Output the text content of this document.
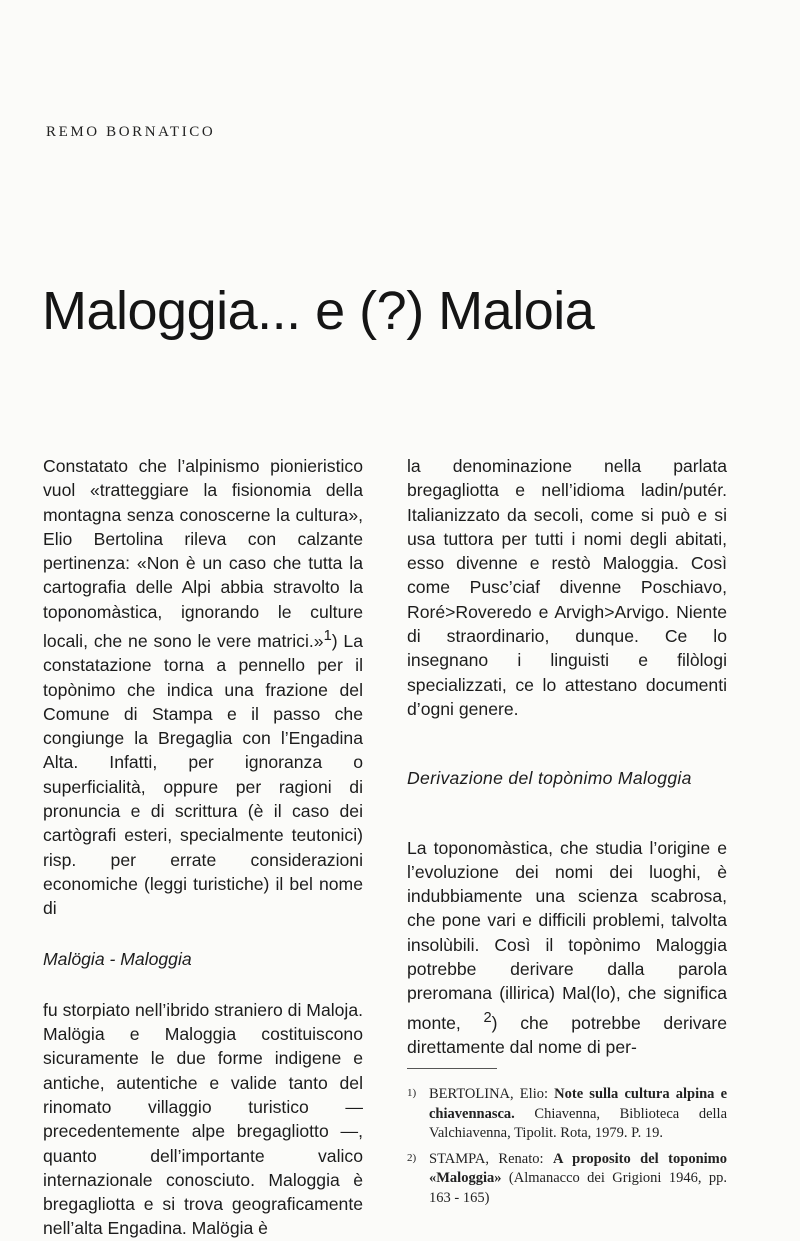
REMO BORNATICO
Maloggia... e (?) Maloia

Constatato che l’alpinismo pionieristico vuol «tratteggiare la fisionomia della montagna senza conoscerne la cultura», Elio Bertolina rileva con calzante pertinenza: «Non è un caso che tutta la cartografia delle Alpi abbia stravolto la toponomàstica, ignorando le culture locali, che ne sono le vere matrici.»$^1$) La constatazione torna a pennello per il topònimo che indica una frazione del Comune di Stampa e il passo che congiunge la Bregaglia con l’Engadina Alta. Infatti, per ignoranza o superficialità, oppure per ragioni di pronuncia e di scrittura (è il caso dei cartògrafi esteri, specialmente teutonici) risp. per errate considerazioni economiche (leggi turistiche) il bel nome di

Malögia - Maloggia

fu storpiato nell’ibrido straniero di Maloja. Malögia e Maloggia costituiscono sicuramente le due forme indigene e antiche, autentiche e valide tanto del rinomato villaggio turistico — precedentemente alpe bregagliotto —, quanto dell’importante valico internazionale conosciuto. Maloggia è bregagliotta e si trova geograficamente nell’alta Engadina. Malögia è

la denominazione nella parlata bregagliotta e nell’idioma ladin/putér. Italianizzato da secoli, come si può e si usa tuttora per tutti i nomi degli abitati, esso divenne e restò Maloggia. Così come Pusc’ciaf divenne Poschiavo, Roré>Roveredo e Arvigh>Arvigo. Niente di straordinario, dunque. Ce lo insegnano i linguisti e filòlogi specializzati, ce lo attestano documenti d’ogni genere.

Derivazione del topònimo Maloggia

La toponomàstica, che studia l’origine e l’evoluzione dei nomi dei luoghi, è indubbiamente una scienza scabrosa, che pone vari e difficili problemi, talvolta insolùbili. Così il topònimo Maloggia potrebbe derivare dalla parola preromana (illirica) Mal(lo), che significa monte, $^2$) che potrebbe derivare direttamente dal nome di per-

1) BERTOLINA, Elio: Note sulla cultura alpina e chiavennasca. Chiavenna, Biblioteca della Valchiavenna, Tipolit. Rota, 1979. P. 19.
2) STAMPA, Renato: A proposito del toponimo «Maloggia» (Almanacco dei Grigioni 1946, pp. 163 - 165)
